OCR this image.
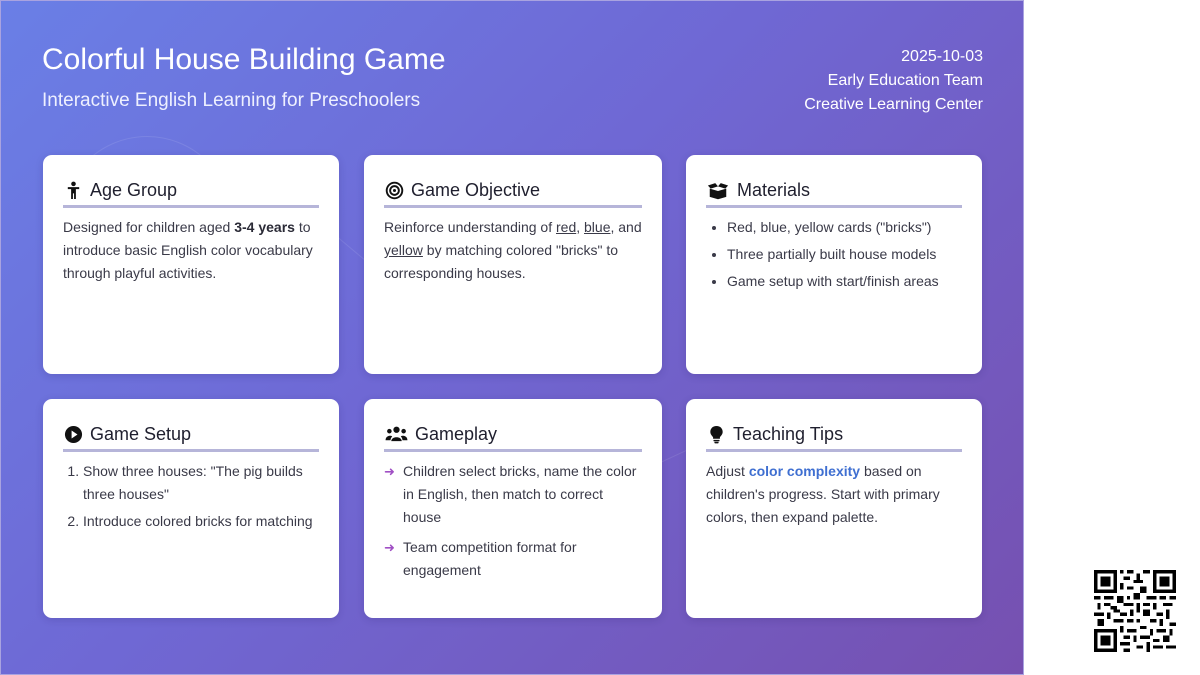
Colorful House Building Game

Interactive English Learning for Preschoolers

2025-10-03
Early Education Team
Creative Learning Center
Age Group

Designed for children aged 3-4 years to introduce basic English color vocabulary through playful activities.

Game Objective

Reinforce understanding of red, blue, and yellow by matching colored "bricks" to corresponding houses.

Materials
• Red, blue, yellow cards ("bricks")
• Three partially built house models
• Game setup with start/finish areas
Game Setup
1. Show three houses: "The pig builds three houses"
2. Introduce colored bricks for matching
Gameplay
➜ Children select bricks, name the color in English, then match to correct house
➜ Team competition format for engagement
Teaching Tips

Adjust color complexity based on children's progress. Start with primary colors, then expand palette.
